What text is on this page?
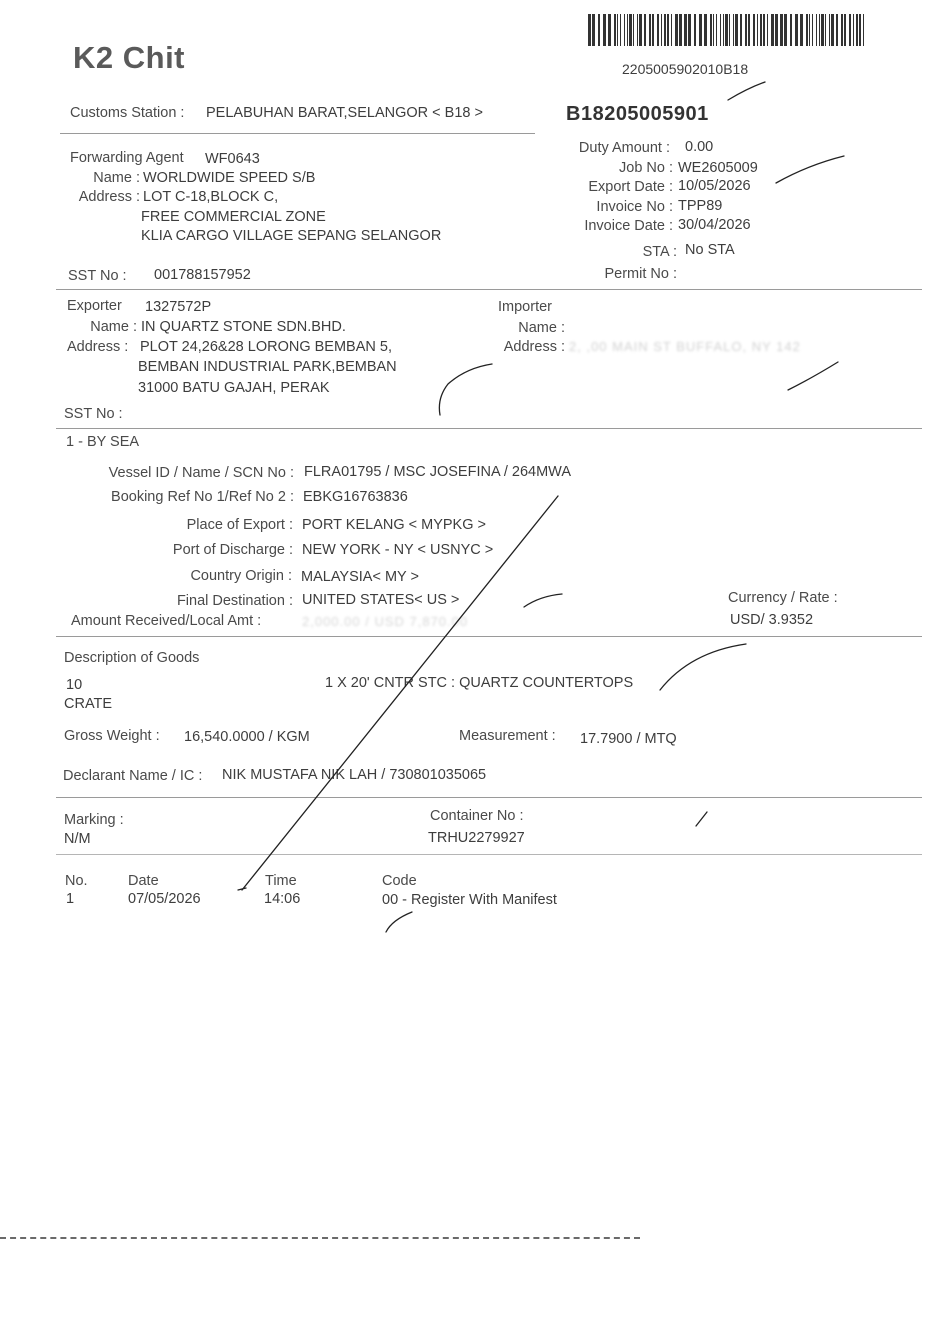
2205005902010B18
K2 Chit
Customs Station : PELABUHAN BARAT,SELANGOR < B18 >	B18205005901
Forwarding Agent WF0643
Name : WORLDWIDE SPEED S/B
Address : LOT C-18,BLOCK C,
FREE COMMERCIAL ZONE
KLIA CARGO VILLAGE SEPANG SELANGOR
SST No : 001788157952
Duty Amount : 0.00
Job No : WE2605009
Export Date : 10/05/2026
Invoice No : TPP89
Invoice Date : 30/04/2026
STA : No STA
Permit No :
Exporter 1327572P
Name : IN QUARTZ STONE SDN.BHD.
Address : PLOT 24,26&28 LORONG BEMBAN 5,
BEMBAN INDUSTRIAL PARK,BEMBAN
31000 BATU GAJAH, PERAK
SST No :
Importer
Name :
Address : 2, ,00 MAIN ST BUFFALO, NY 142
1 - BY SEA
Vessel ID / Name / SCN No : FLRA01795 / MSC JOSEFINA / 264MWA
Booking Ref No 1/Ref No 2 : EBKG16763836
Place of Export : PORT KELANG < MYPKG >
Port of Discharge : NEW YORK - NY < USNYC >
Country Origin : MALAYSIA< MY >
Final Destination : UNITED STATES< US >
Amount Received/Local Amt :	2,000.00 / USD 7,870.00
Currency / Rate :
USD/ 3.9352
Description of Goods
10
CRATE
1 X 20' CNTR STC : QUARTZ COUNTERTOPS
Gross Weight : 16,540.0000 / KGM	Measurement : 17.7900 / MTQ
Declarant Name / IC : NIK MUSTAFA NIK LAH / 730801035065
Marking :
N/M
Container No :
TRHU2279927
No.	Date	Time	Code
1	07/05/2026	14:06	00 - Register With Manifest
